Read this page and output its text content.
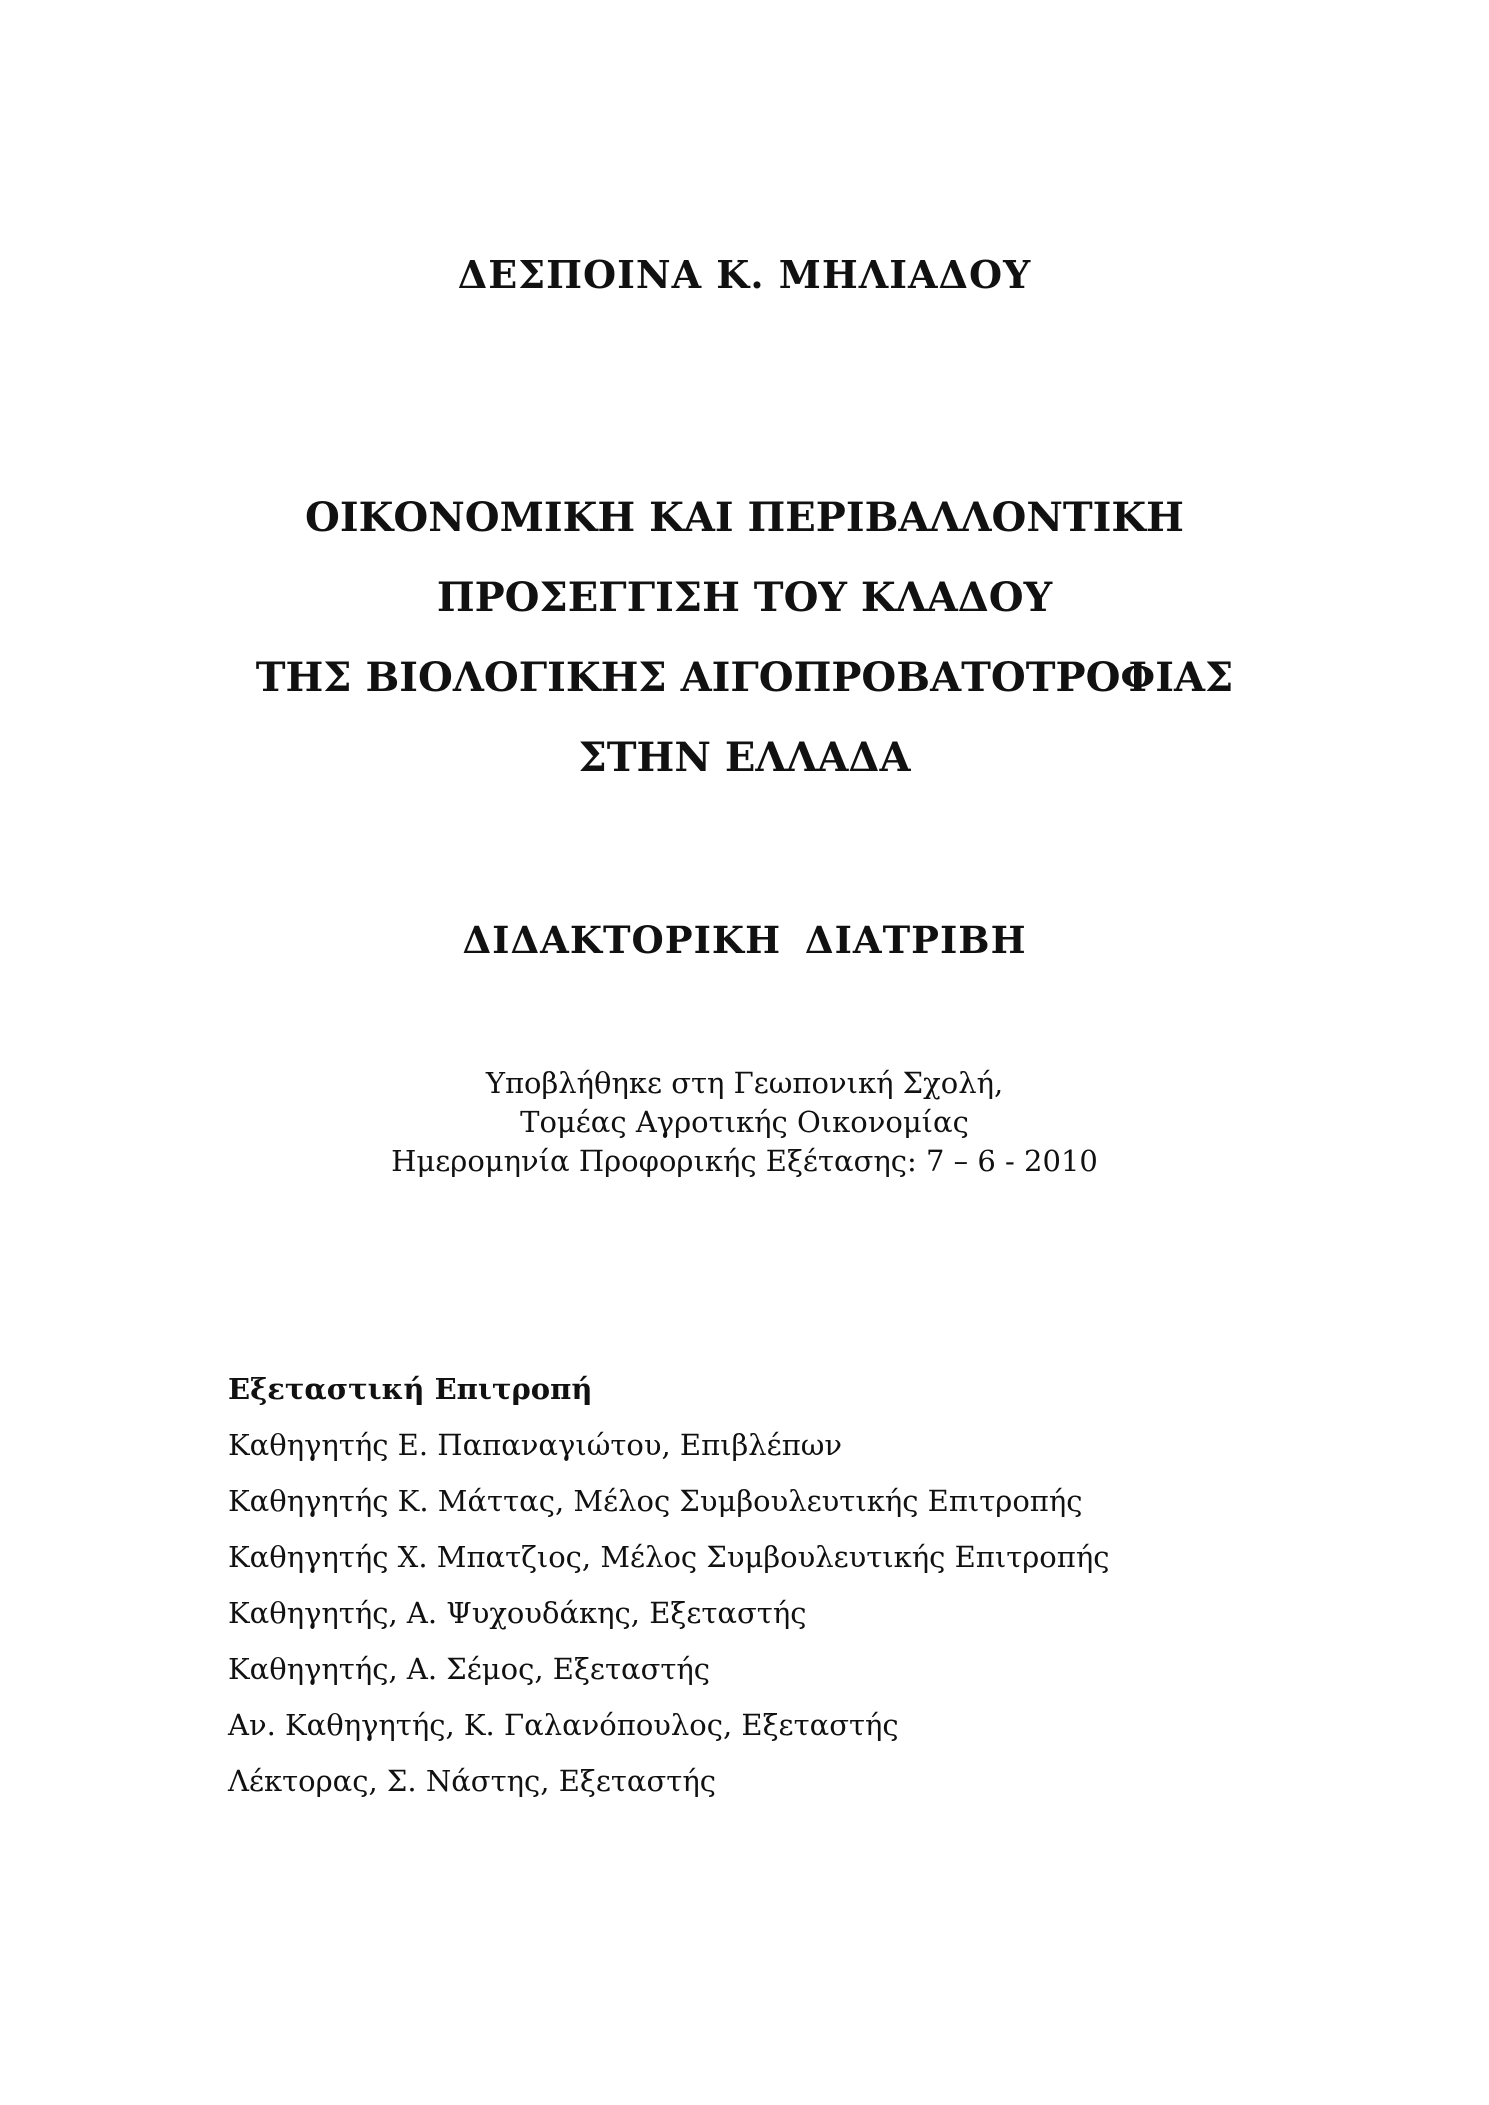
ΔΕΣΠΟΙΝΑ Κ. ΜΗΛΙΑΔΟΥ
ΟΙΚΟΝΟΜΙΚΗ ΚΑΙ ΠΕΡΙΒΑΛΛΟΝΤΙΚΗ
ΠΡΟΣΕΓΓΙΣΗ ΤΟΥ ΚΛΑΔΟΥ
ΤΗΣ ΒΙΟΛΟΓΙΚΗΣ ΑΙΓΟΠΡΟΒΑΤΟΤΡΟΦΙΑΣ
ΣΤΗΝ ΕΛΛΑΔΑ
ΔΙΔΑΚΤΟΡΙΚΗ ΔΙΑΤΡΙΒΗ
Υποβλήθηκε στη Γεωπονική Σχολή,
Τομέας Αγροτικής Οικονομίας
Ημερομηνία Προφορικής Εξέτασης: 7 – 6 - 2010
Εξεταστική Επιτροπή
Καθηγητής Ε. Παπαναγιώτου, Επιβλέπων
Καθηγητής Κ. Μάττας, Μέλος Συμβουλευτικής Επιτροπής
Καθηγητής Χ. Μπατζιος, Μέλος Συμβουλευτικής Επιτροπής
Καθηγητής, Α. Ψυχουδάκης, Εξεταστής
Καθηγητής, Α. Σέμος, Εξεταστής
Αν. Καθηγητής, Κ. Γαλανόπουλος, Εξεταστής
Λέκτορας, Σ. Νάστης, Εξεταστής
